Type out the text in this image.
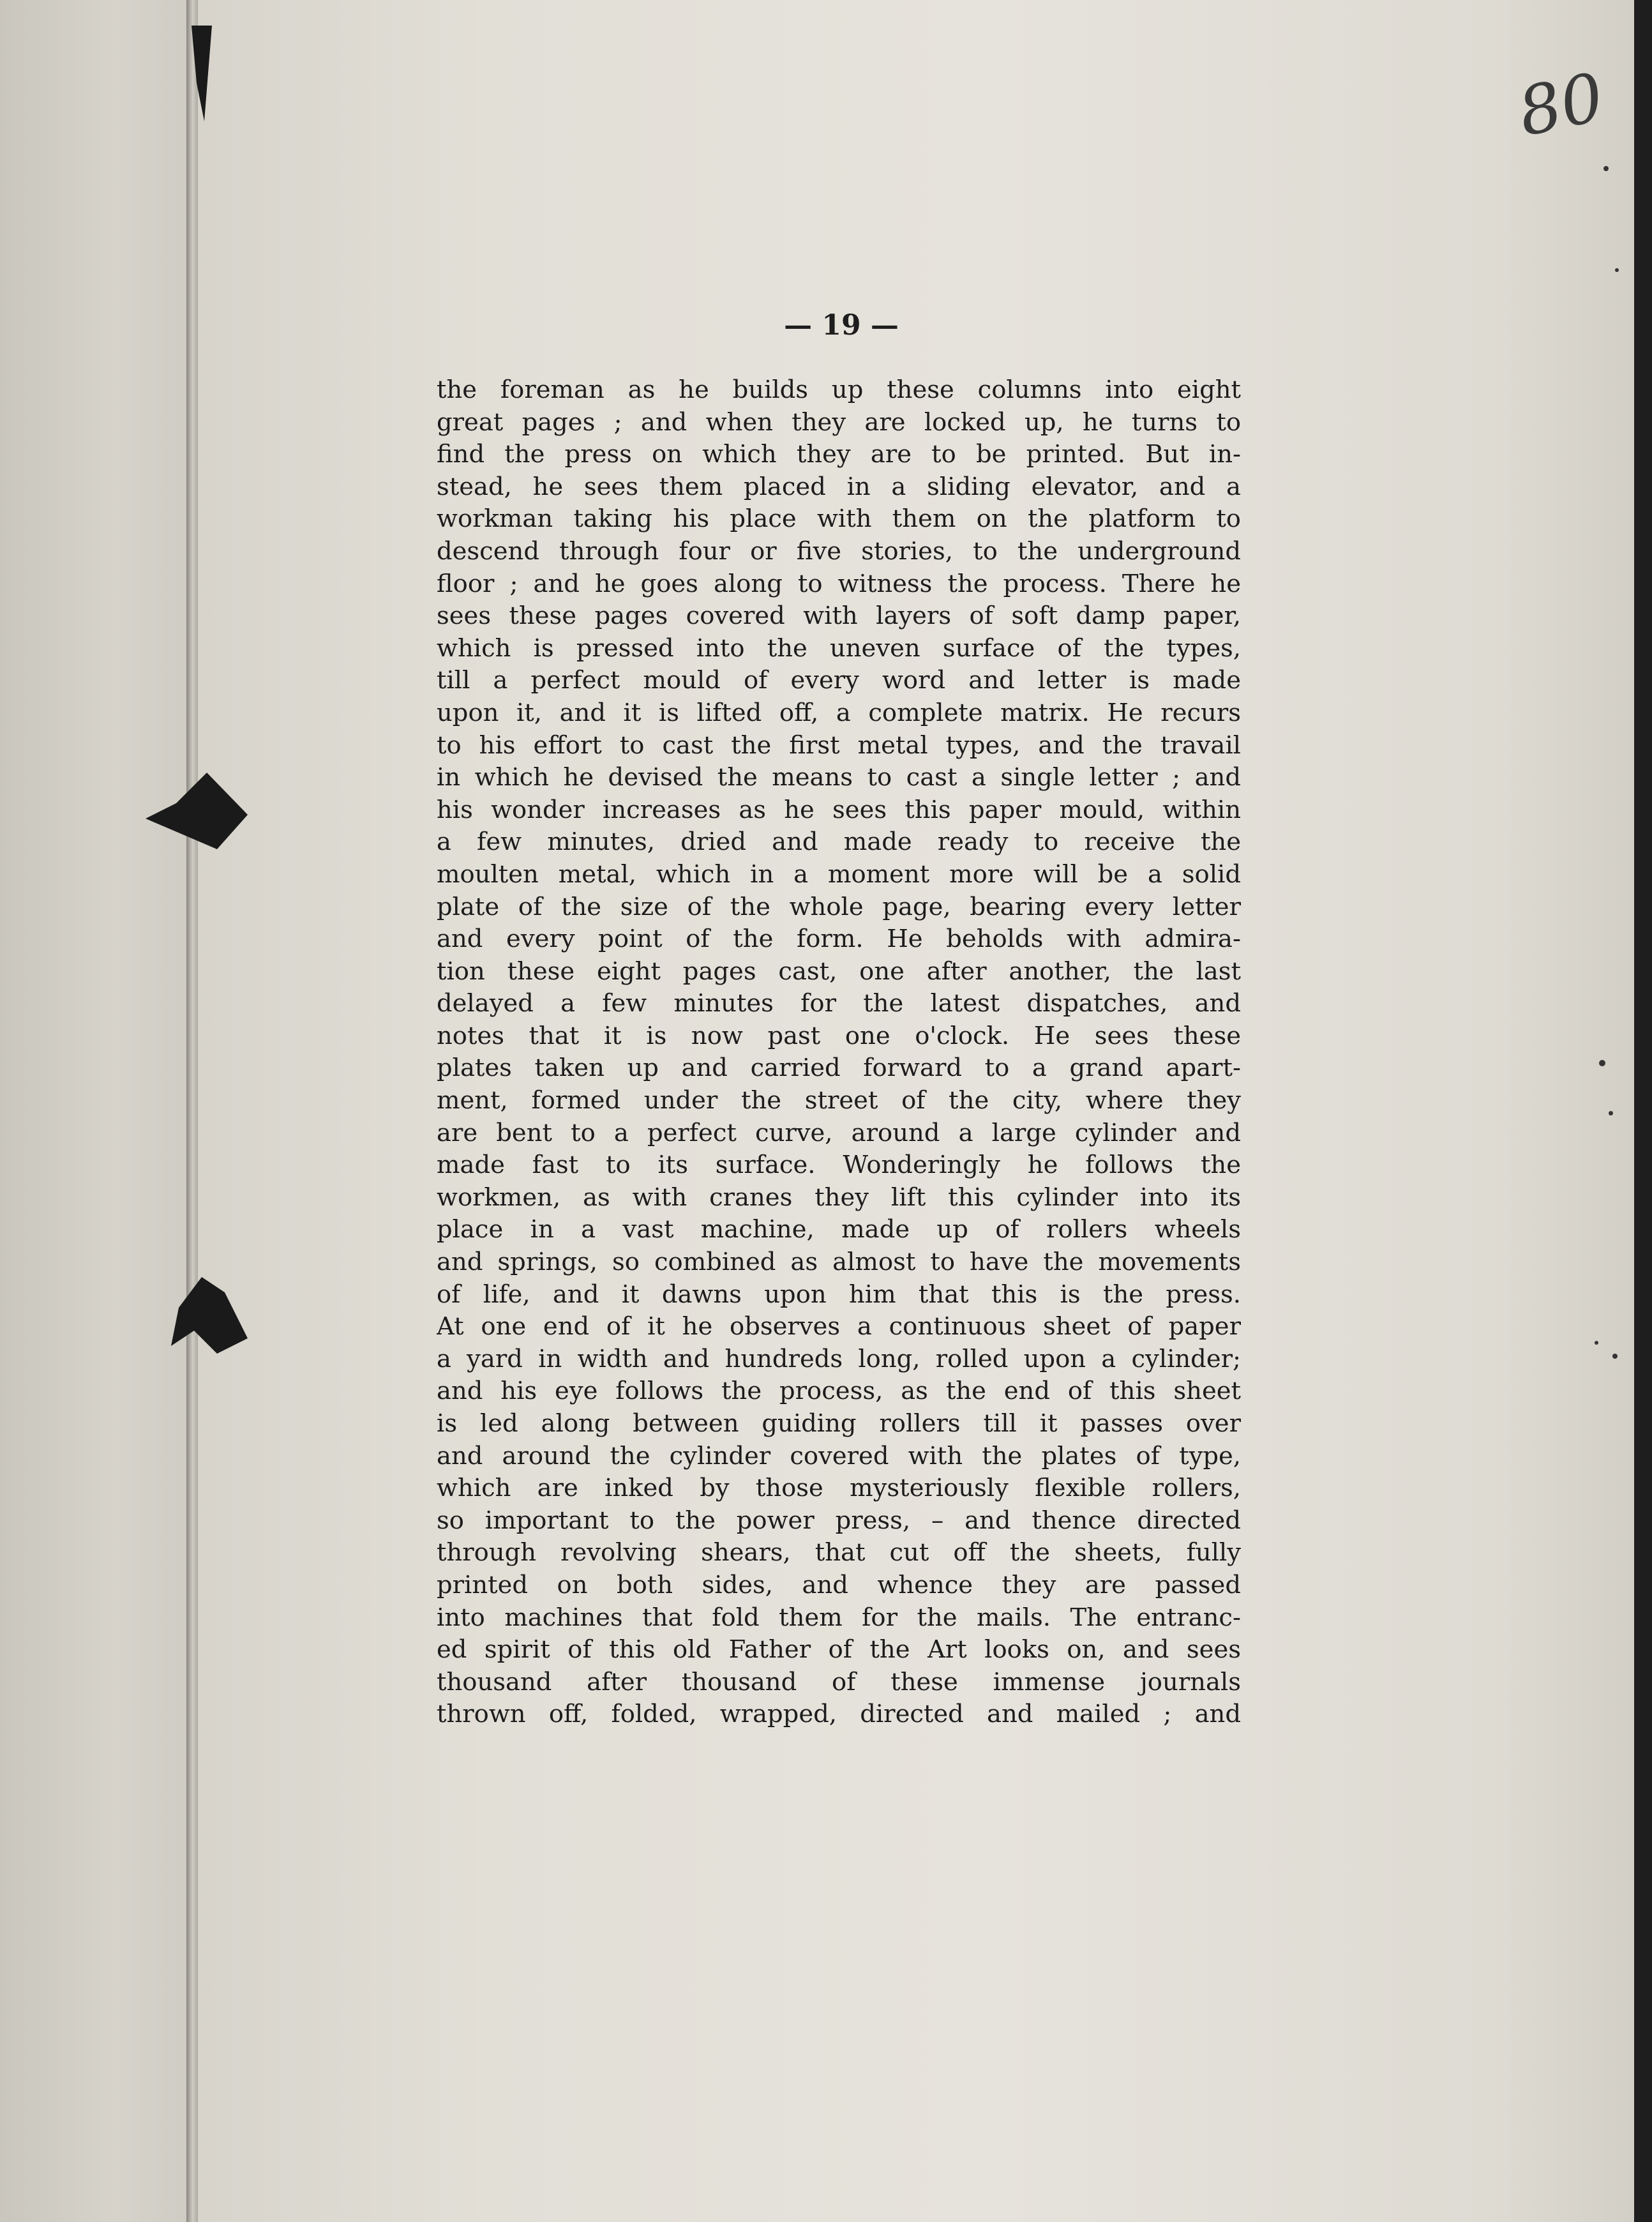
80
— 19 —
the foreman as he builds up these columns into eight
great pages ; and when they are locked up, he turns to
find the press on which they are to be printed. But in-
stead, he sees them placed in a sliding elevator, and a
workman taking his place with them on the platform to
descend through four or five stories, to the underground
floor ; and he goes along to witness the process. There he
sees these pages covered with layers of soft damp paper,
which is pressed into the uneven surface of the types,
till a perfect mould of every word and letter is made
upon it, and it is lifted off, a complete matrix. He recurs
to his effort to cast the first metal types, and the travail
in which he devised the means to cast a single letter ; and
his wonder increases as he sees this paper mould, within
a few minutes, dried and made ready to receive the
moulten metal, which in a moment more will be a solid
plate of the size of the whole page, bearing every letter
and every point of the form. He beholds with admira-
tion these eight pages cast, one after another, the last
delayed a few minutes for the latest dispatches, and
notes that it is now past one o'clock. He sees these
plates taken up and carried forward to a grand apart-
ment, formed under the street of the city, where they
are bent to a perfect curve, around a large cylinder and
made fast to its surface. Wonderingly he follows the
workmen, as with cranes they lift this cylinder into its
place in a vast machine, made up of rollers wheels
and springs, so combined as almost to have the movements
of life, and it dawns upon him that this is the press.
At one end of it he observes a continuous sheet of paper
a yard in width and hundreds long, rolled upon a cylinder;
and his eye follows the process, as the end of this sheet
is led along between guiding rollers till it passes over
and around the cylinder covered with the plates of type,
which are inked by those mysteriously flexible rollers,
so important to the power press, – and thence directed
through revolving shears, that cut off the sheets, fully
printed on both sides, and whence they are passed
into machines that fold them for the mails. The entranc-
ed spirit of this old Father of the Art looks on, and sees
thousand after thousand of these immense journals
thrown off, folded, wrapped, directed and mailed ; and
